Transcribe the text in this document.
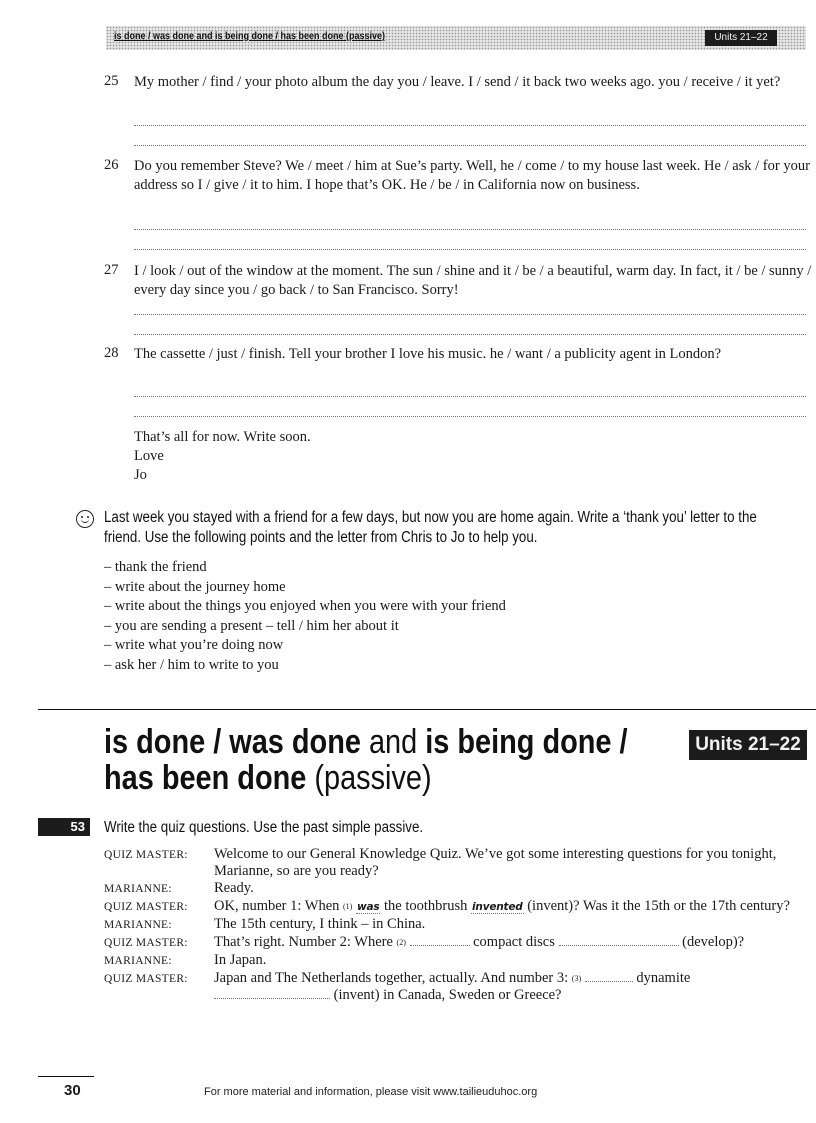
is done / was done and is being done / has been done (passive)	Units 21–22
25 My mother / find / your photo album the day you / leave. I / send / it back two weeks ago. you / receive / it yet?
26 Do you remember Steve? We / meet / him at Sue’s party. Well, he / come / to my house last week. He / ask / for your address so I / give / it to him. I hope that’s OK. He / be / in California now on business.
27 I / look / out of the window at the moment. The sun / shine and it / be / a beautiful, warm day. In fact, it / be / sunny / every day since you / go back / to San Francisco. Sorry!
28 The cassette / just / finish. Tell your brother I love his music. he / want / a publicity agent in London?
That’s all for now. Write soon.
Love
Jo
Last week you stayed with a friend for a few days, but now you are home again. Write a ‘thank you’ letter to the friend. Use the following points and the letter from Chris to Jo to help you.
– thank the friend
– write about the journey home
– write about the things you enjoyed when you were with your friend
– you are sending a present – tell / him her about it
– write what you’re doing now
– ask her / him to write to you
is done / was done and is being done /
has been done (passive)
Units 21–22
53	Write the quiz questions. Use the past simple passive.
QUIZ MASTER:	Welcome to our General Knowledge Quiz. We’ve got some interesting questions for you tonight, Marianne, so are you ready?
MARIANNE:	Ready.
QUIZ MASTER:	OK, number 1: When (1) was the toothbrush invented (invent)? Was it the 15th or the 17th century?
MARIANNE:	The 15th century, I think – in China.
QUIZ MASTER:	That’s right. Number 2: Where (2)	compact discs	(develop)?
MARIANNE:	In Japan.
QUIZ MASTER:	Japan and The Netherlands together, actually. And number 3: (3)	dynamite  (invent) in Canada, Sweden or Greece?
30	For more material and information, please visit www.tailieuduhoc.org
